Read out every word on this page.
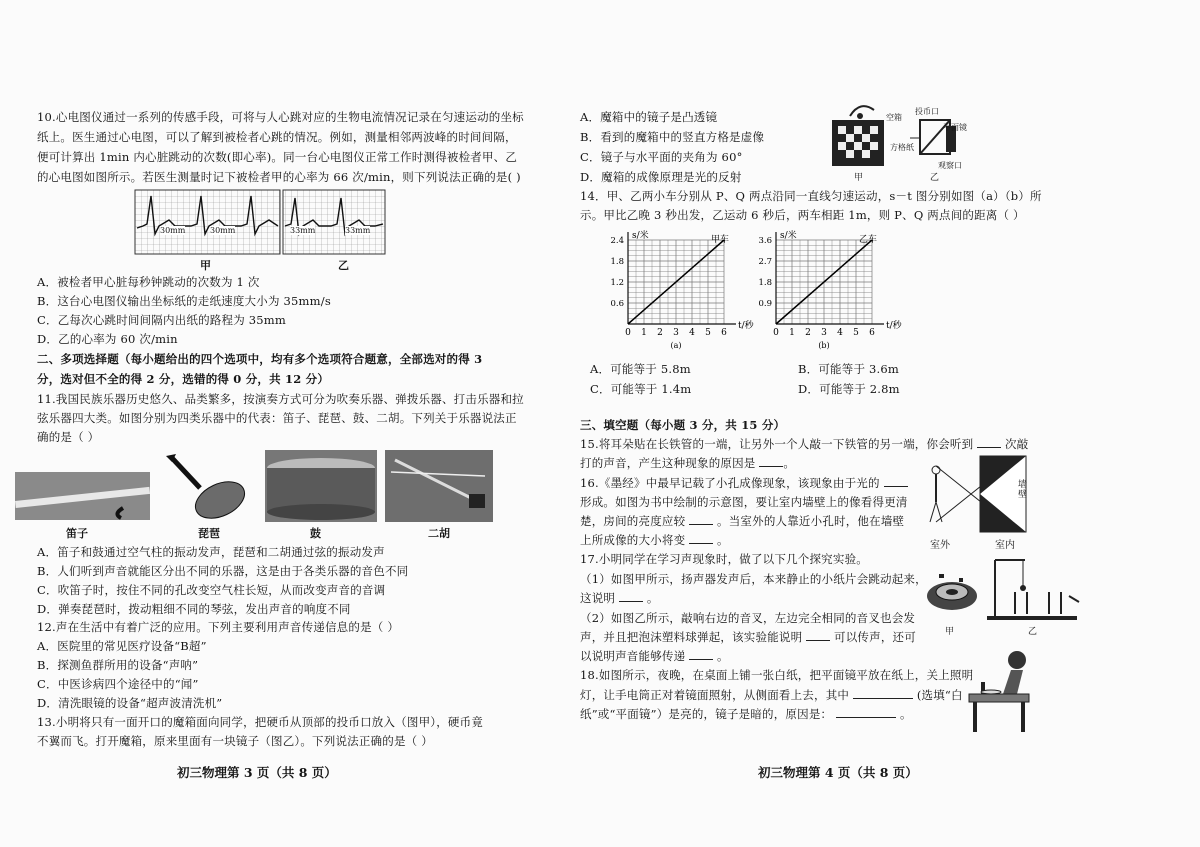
10.心电图仪通过一系列的传感手段，可将与人心跳对应的生物电流情况记录在匀速运动的坐标
纸上。医生通过心电图，可以了解到被检者心跳的情况。例如，测量相邻两波峰的时间间隔，
便可计算出 1min 内心脏跳动的次数(即心率)。同一台心电图仪正常工作时测得被检者甲、乙
的心电图如图所示。若医生测量时记下被检者甲的心率为 66 次/min，则下列说法正确的是( )
30mm	30mm	33mm	33mm
甲	乙
A．被检者甲心脏每秒钟跳动的次数为 1 次
B．这台心电图仪输出坐标纸的走纸速度大小为 35mm/s
C．乙每次心跳时间间隔内出纸的路程为 35mm
D．乙的心率为 60 次/min
二、多项选择题（每小题给出的四个选项中，均有多个选项符合题意，全部选对的得 3
分，选对但不全的得 2 分，选错的得 0 分，共 12 分）
11.我国民族乐器历史悠久、品类繁多，按演奏方式可分为吹奏乐器、弹拨乐器、打击乐器和拉
弦乐器四大类。如图分别为四类乐器中的代表：笛子、琵琶、鼓、二胡。下列关于乐器说法正
确的是（ ）
笛子	琵琶	鼓	二胡
A．笛子和鼓通过空气柱的振动发声，琵琶和二胡通过弦的振动发声
B．人们听到声音就能区分出不同的乐器，这是由于各类乐器的音色不同
C．吹笛子时，按住不同的孔改变空气柱长短，从而改变声音的音调
D．弹奏琵琶时，拨动粗细不同的琴弦，发出声音的响度不同
12.声在生活中有着广泛的应用。下列主要利用声音传递信息的是（ ）
A．医院里的常见医疗设备“B超”
B．探测鱼群所用的设备“声呐”
C．中医诊病四个途径中的“闻”
D．清洗眼镜的设备“超声波清洗机”
13.小明将只有一面开口的魔箱面向同学，把硬币从顶部的投币口放入（图甲），硬币竟
不翼而飞。打开魔箱，原来里面有一块镜子（图乙）。下列说法正确的是（ ）
初三物理第 3 页（共 8 页）
A．魔箱中的镜子是凸透镜
B．看到的魔箱中的竖直方格是虚像
C．镜子与水平面的夹角为 60°
D．魔箱的成像原理是光的反射
空箱
投币口
平面镜
方格纸
观察口
甲	乙
14．甲、乙两小车分别从 P、Q 两点沿同一直线匀速运动，s－t 图分别如图（a）（b）所
示。甲比乙晚 3 秒出发，乙运动 6 秒后，两车相距 1m，则 P、Q 两点间的距离（ ）
0 1 2 3 4 5 6
0.6
1.2
1.8
2.4 s/米
t/秒
甲车
(a)
0 1 2 3 4 5 6
0.9
1.8
2.7
3.6 s/米
t/秒
乙车
(b)
A．可能等于 5.8m	B．可能等于 3.6m
C．可能等于 1.4m	D．可能等于 2.8m
三、填空题（每小题 3 分，共 15 分）
15.将耳朵贴在长铁管的一端，让另外一个人敲一下铁管的另一端，你会听到	次敲
打的声音，产生这种现象的原因是 。
16.《墨经》中最早记载了小孔成像现象，该现象由于光的
形成。如图为书中绘制的示意图，要让室内墙壁上的像看得更清
楚，房间的亮度应较	。当室外的人靠近小孔时，他在墙壁
上所成像的大小将变	。
墙壁
室外	室内
17.小明同学在学习声现象时，做了以下几个探究实验。
（1）如图甲所示，扬声器发声后，本来静止的小纸片会跳动起来，
这说明	。
（2）如图乙所示，敲响右边的音叉，左边完全相同的音叉也会发
声，并且把泡沫塑料球弹起，该实验能说明	可以传声，还可
以说明声音能够传递	。
甲	乙
18.如图所示，夜晚，在桌面上铺一张白纸，把平面镜平放在纸上，关上照明
灯，让手电筒正对着镜面照射，从侧面看上去，其中	(选填“白
纸”或“平面镜”）是亮的，镜子是暗的，原因是：	。
初三物理第 4 页（共 8 页）
